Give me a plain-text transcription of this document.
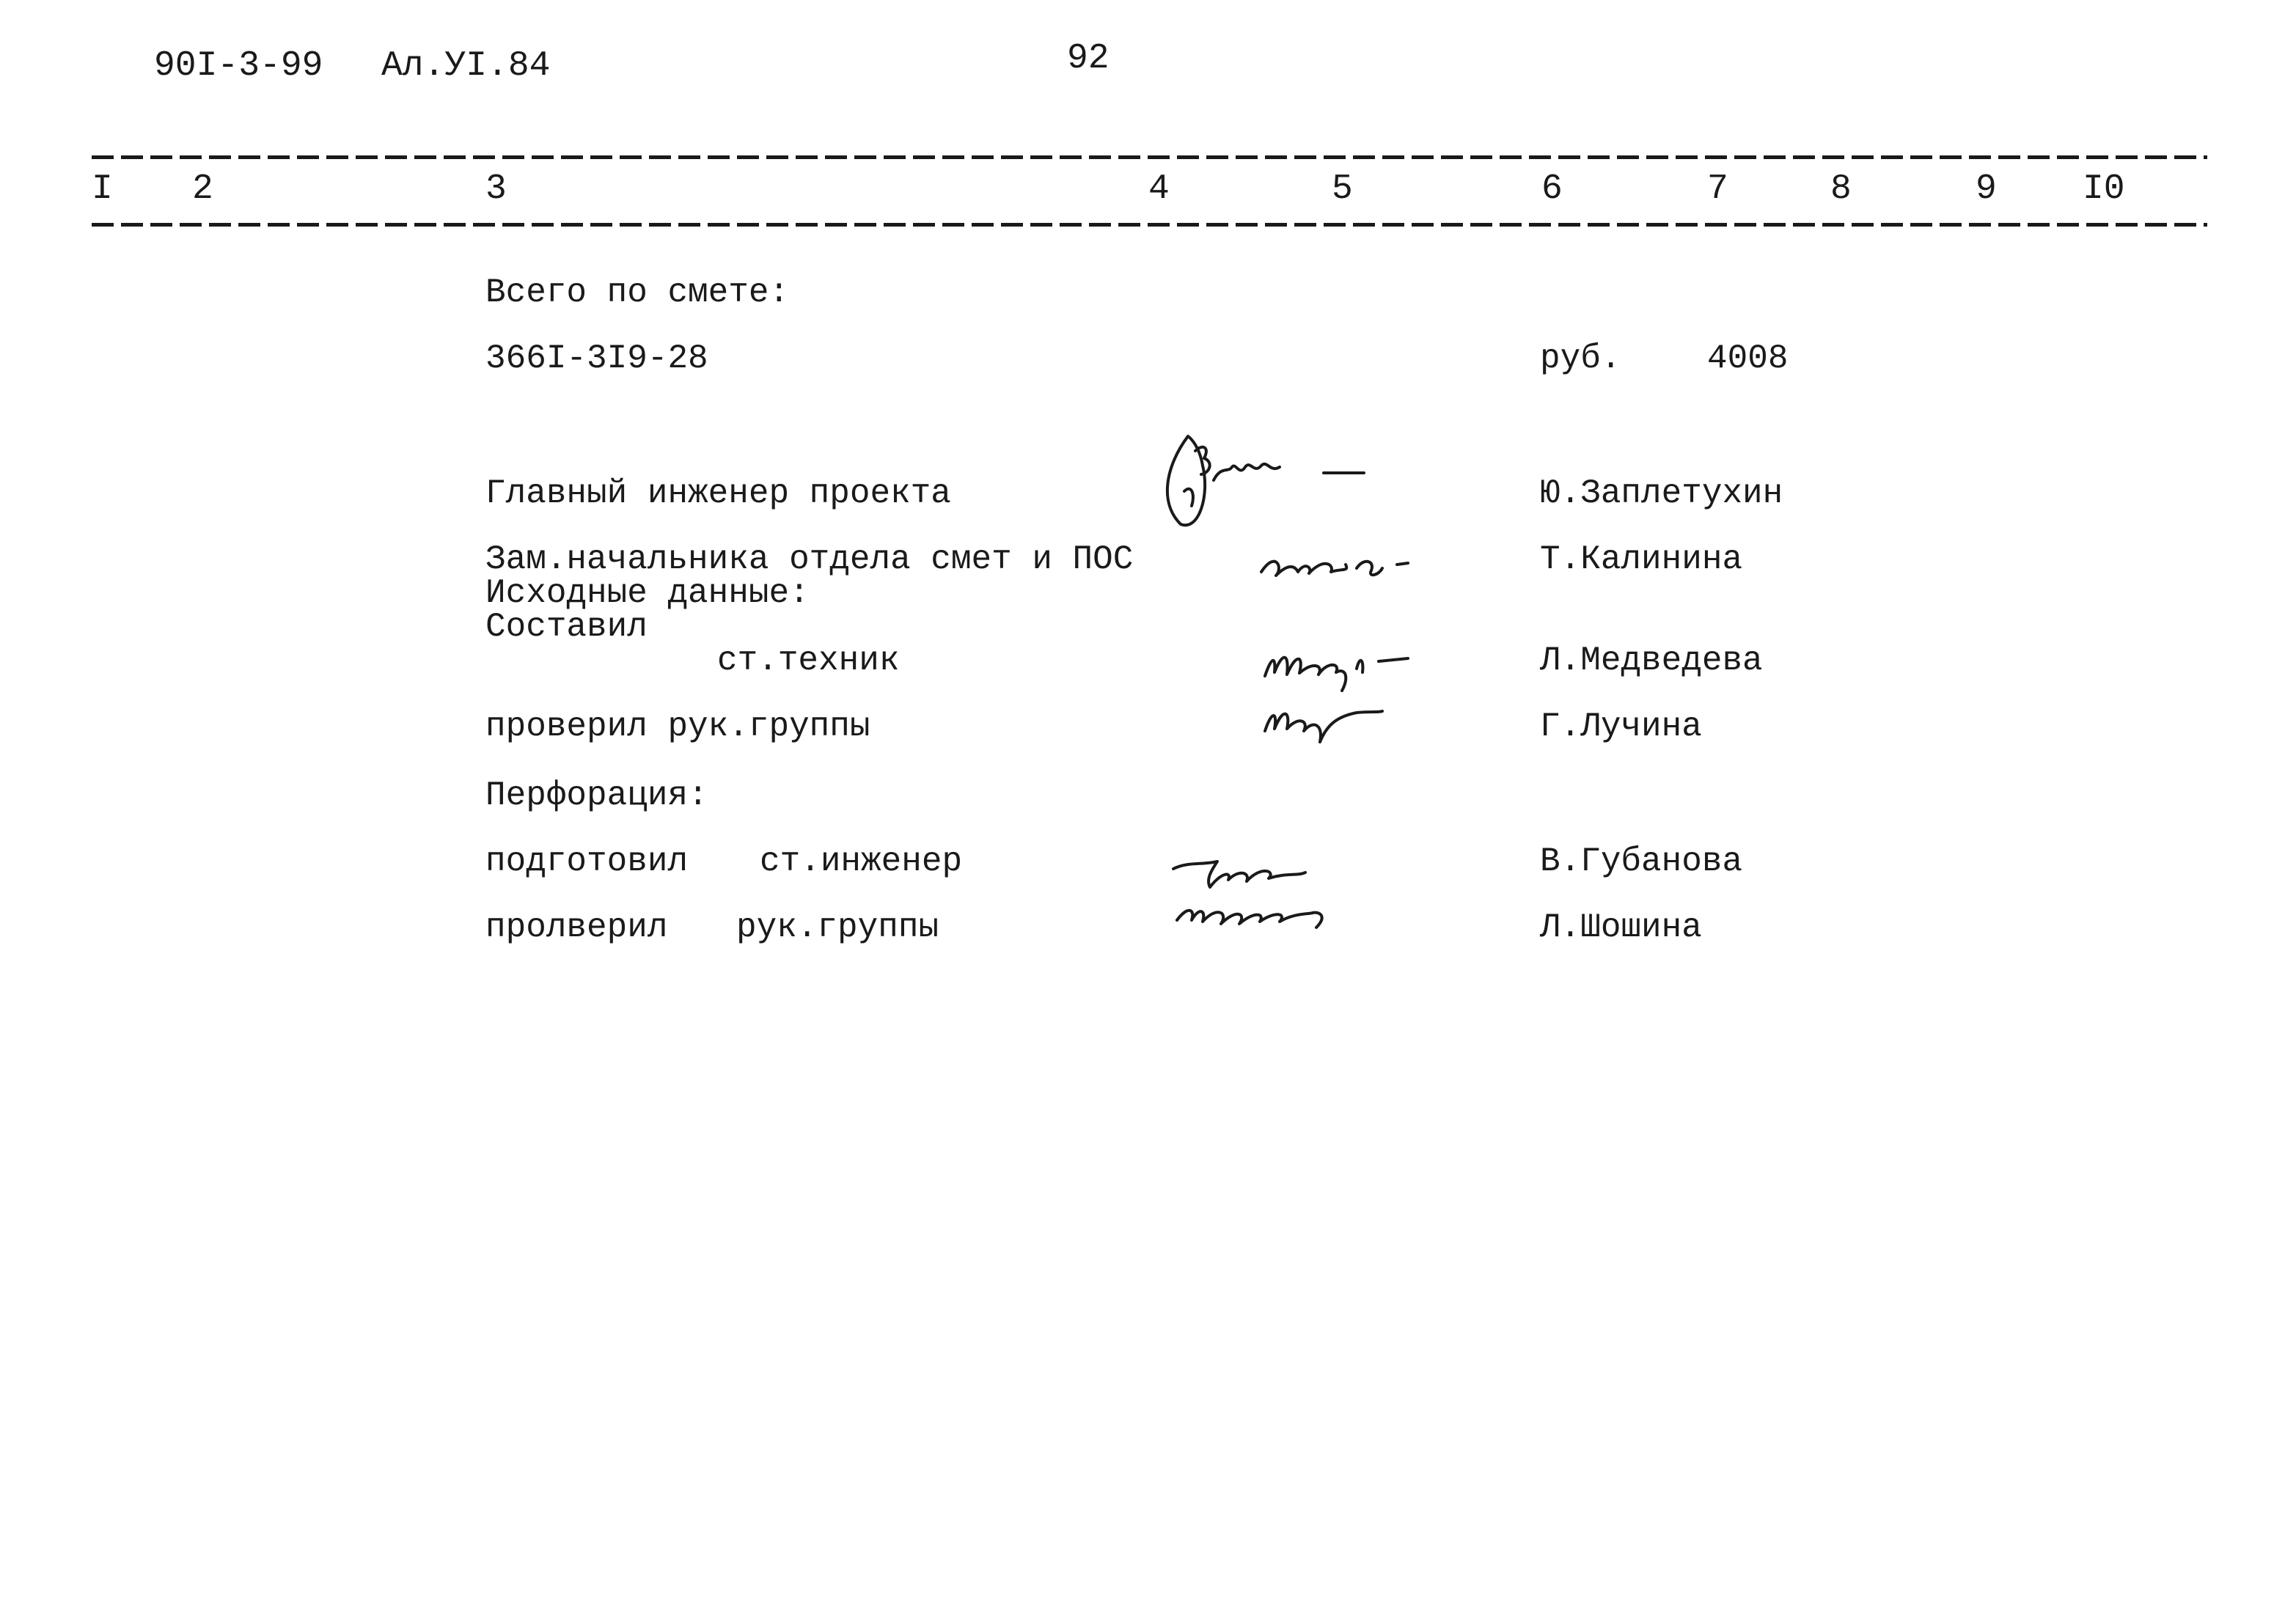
90I-3-99 Ал.УI.84	92
I 2	3	4	5	6	7	8	9 I0
Всего по смете:
366I-3I9-28	руб.	4008
Главный инженер проекта	Ю.Заплетухин
Зам.начальника отдела смет и ПОС	Т.Калинина
Исходные данные:
Составил
ст.техник	Л.Медведева
проверил рук.группы	Г.Лучина
Перфорация:
подготовил ст.инженер	В.Губанова
пролверил рук.группы	Л.Шошина
